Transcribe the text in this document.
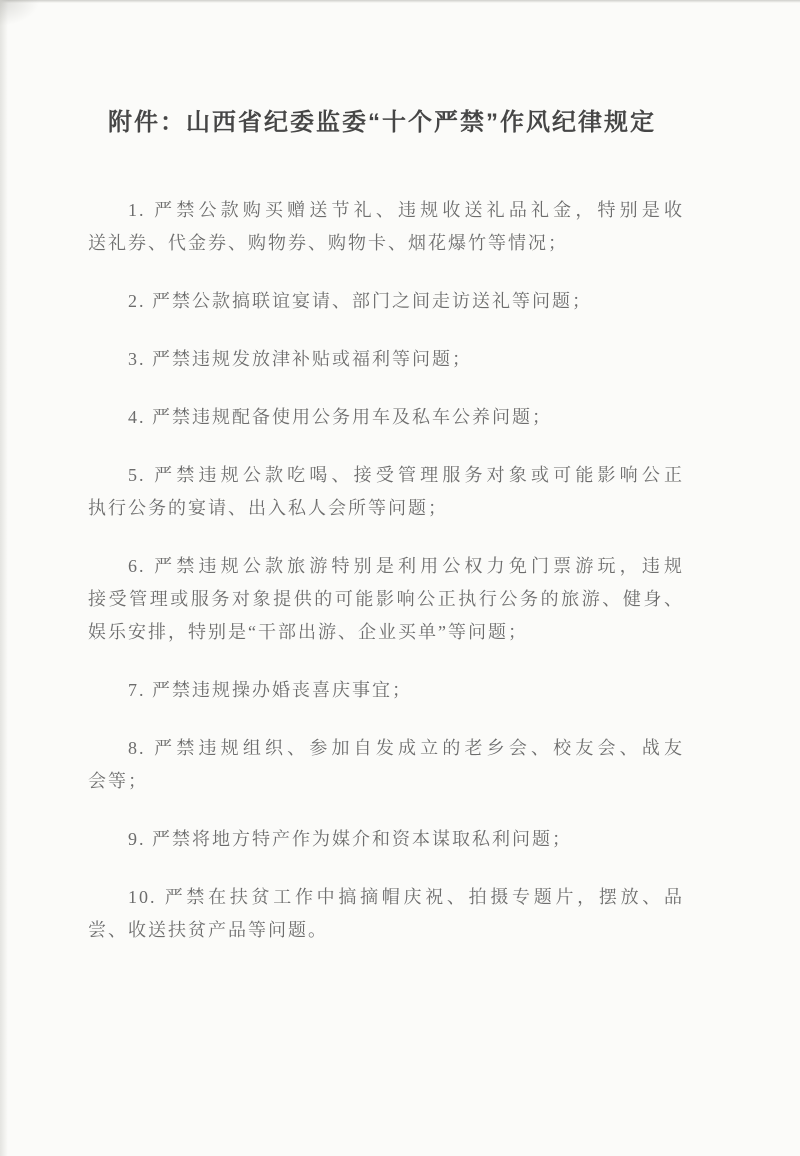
附件：山西省纪委监委“十个严禁”作风纪律规定
1. 严禁公款购买赠送节礼、违规收送礼品礼金，特别是收
送礼券、代金券、购物券、购物卡、烟花爆竹等情况；
2. 严禁公款搞联谊宴请、部门之间走访送礼等问题；
3. 严禁违规发放津补贴或福利等问题；
4. 严禁违规配备使用公务用车及私车公养问题；
5. 严禁违规公款吃喝、接受管理服务对象或可能影响公正
执行公务的宴请、出入私人会所等问题；
6. 严禁违规公款旅游特别是利用公权力免门票游玩，违规
接受管理或服务对象提供的可能影响公正执行公务的旅游、健身、
娱乐安排，特别是“干部出游、企业买单”等问题；
7. 严禁违规操办婚丧喜庆事宜；
8. 严禁违规组织、参加自发成立的老乡会、校友会、战友
会等；
9. 严禁将地方特产作为媒介和资本谋取私利问题；
10. 严禁在扶贫工作中搞摘帽庆祝、拍摄专题片，摆放、品
尝、收送扶贫产品等问题。
